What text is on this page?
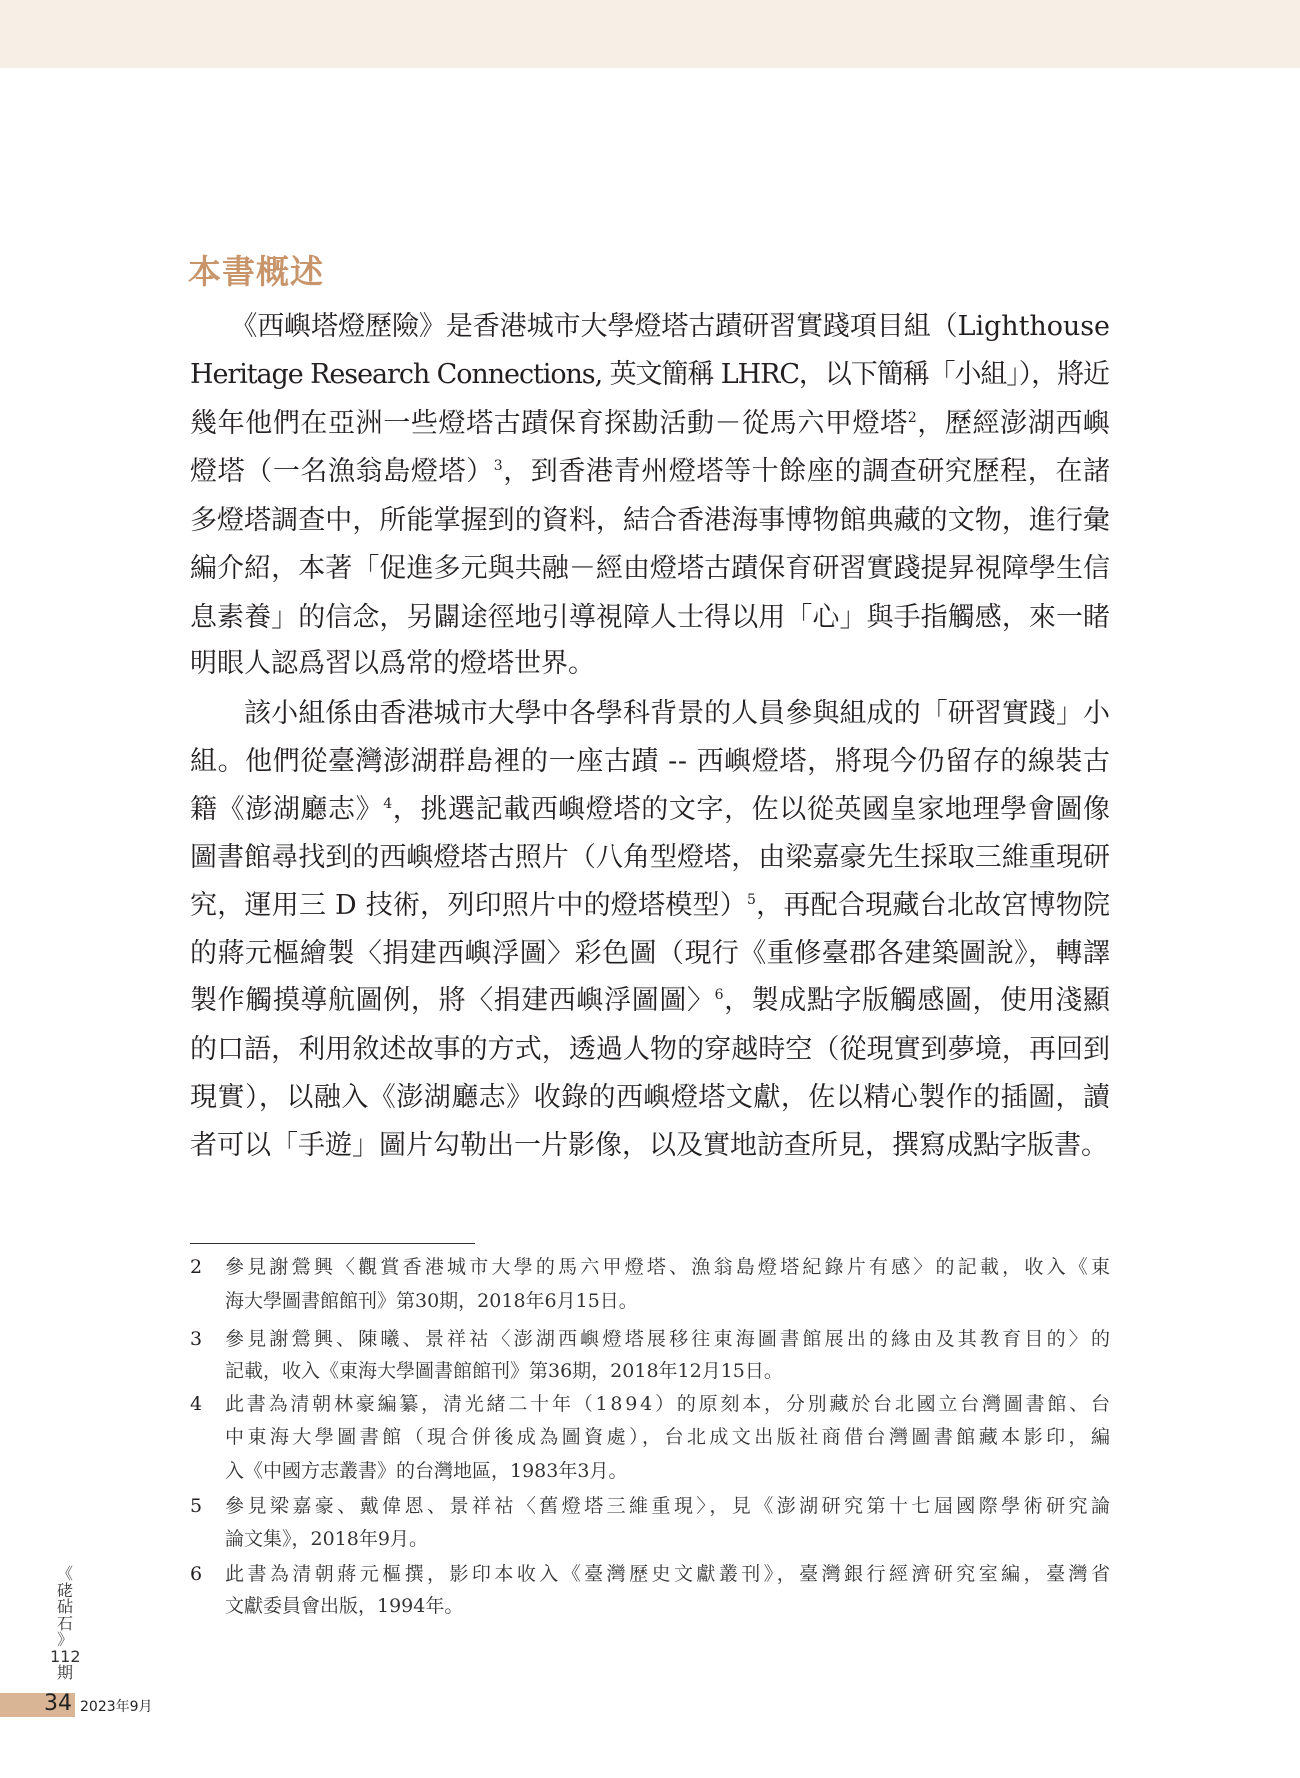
本書概述
　　《西嶼塔燈歷險》是香港城市大學燈塔古蹟研習實踐項目組（Lighthouse
Heritage Research Connections, 英文簡稱 LHRC，以下簡稱「小組」），將近
幾年他們在亞洲一些燈塔古蹟保育探勘活動－從馬六甲燈塔$^2$，歷經澎湖西嶼
燈塔（一名漁翁島燈塔）$^3$，到香港青州燈塔等十餘座的調查研究歷程，在諸
多燈塔調查中，所能掌握到的資料，結合香港海事博物館典藏的文物，進行彙
編介紹，本著「促進多元與共融－經由燈塔古蹟保育研習實踐提昇視障學生信
息素養」的信念，另闢途徑地引導視障人士得以用「心」與手指觸感，來一睹
明眼人認爲習以爲常的燈塔世界。
　　該小組係由香港城市大學中各學科背景的人員參與組成的「研習實踐」小
組。他們從臺灣澎湖群島裡的一座古蹟 -- 西嶼燈塔，將現今仍留存的線裝古
籍《澎湖廳志》$^4$，挑選記載西嶼燈塔的文字，佐以從英國皇家地理學會圖像
圖書館尋找到的西嶼燈塔古照片（八角型燈塔，由梁嘉豪先生採取三維重現研
究，運用三 D 技術，列印照片中的燈塔模型）$^5$，再配合現藏台北故宮博物院
的蔣元樞繪製〈捐建西嶼浮圖〉彩色圖（現行《重修臺郡各建築圖說》，轉譯
製作觸摸導航圖例，將〈捐建西嶼浮圖圖〉$^6$，製成點字版觸感圖，使用淺顯
的口語，利用敘述故事的方式，透過人物的穿越時空（從現實到夢境，再回到
現實），以融入《澎湖廳志》收錄的西嶼燈塔文獻，佐以精心製作的插圖，讀
者可以「手遊」圖片勾勒出一片影像，以及實地訪查所見，撰寫成點字版書。
2 參見謝鶯興〈觀賞香港城市大學的馬六甲燈塔、漁翁島燈塔紀錄片有感〉的記載，收入《東
海大學圖書館館刊》第30期，2018年6月15日。
3 參見謝鶯興、陳曦、景祥祜〈澎湖西嶼燈塔展移往東海圖書館展出的緣由及其教育目的〉的
記載，收入《東海大學圖書館館刊》第36期，2018年12月15日。
4 此書為清朝林豪編纂，清光緒二十年（1894）的原刻本，分別藏於台北國立台灣圖書館、台
中東海大學圖書館（現合併後成為圖資處），台北成文出版社商借台灣圖書館藏本影印，編
入《中國方志叢書》的台灣地區，1983年3月。
5 參見梁嘉豪、戴偉恩、景祥祜〈舊燈塔三維重現〉，見《澎湖研究第十七屆國際學術研究論
論文集》，2018年9月。
6 此書為清朝蔣元樞撰，影印本收入《臺灣歷史文獻叢刊》，臺灣銀行經濟研究室編，臺灣省
文獻委員會出版，1994年。
《
硓
砧
石
》
112
期
34 2023年9月
